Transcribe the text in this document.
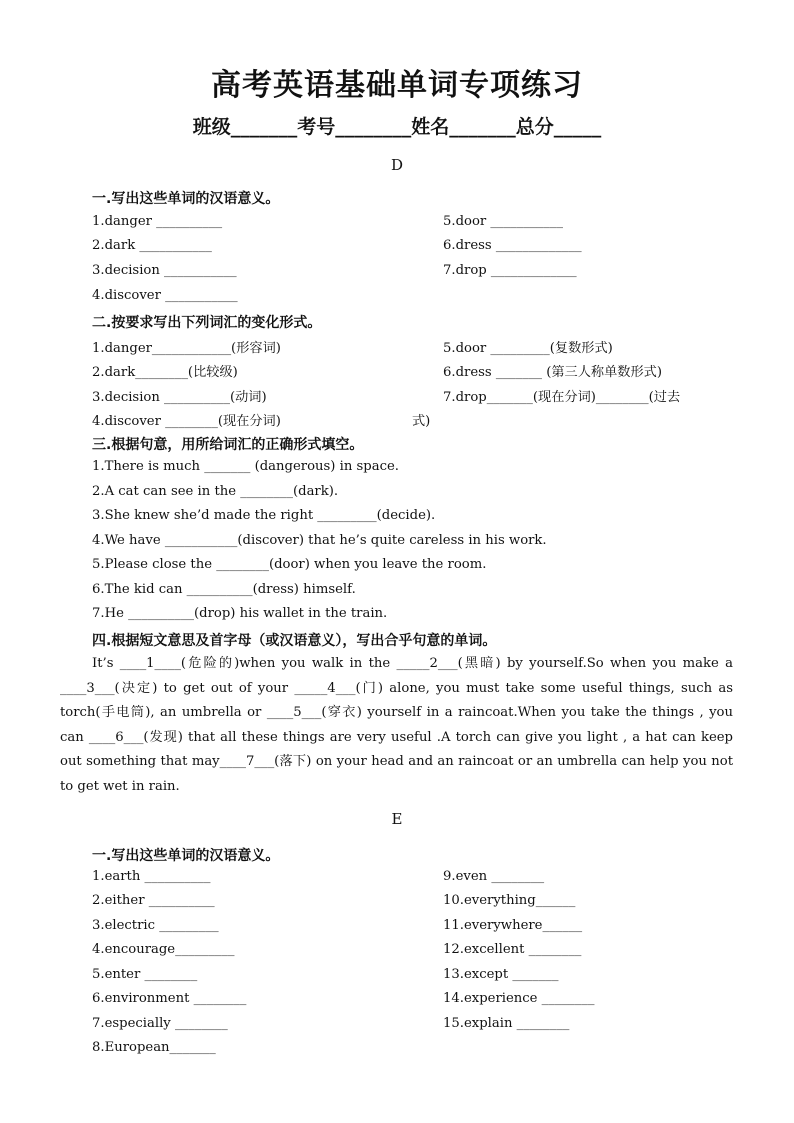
高考英语基础单词专项练习
班级_______考号________姓名_______总分_____
D
一.写出这些单词的汉语意义。
1.danger __________
2.dark ___________
3.decision ___________
4.discover ___________
5.door ___________
6.dress _____________
7.drop _____________
二.按要求写出下列词汇的变化形式。
1.danger____________(形容词)
2.dark________(比较级)
3.decision __________(动词)
4.discover ________(现在分词)
5.door _________(复数形式)
6.dress _______ (第三人称单数形式)
7.drop_______(现在分词)________(过去
式)
三.根据句意，用所给词汇的正确形式填空。
1.There is much _______ (dangerous) in space.
2.A cat can see in the ________(dark).
3.She knew she’d made the right _________(decide).
4.We have ___________(discover) that he’s quite careless in his work.
5.Please close the ________(door) when you leave the room.
6.The kid can __________(dress) himself.
7.He __________(drop) his wallet in the train.
四.根据短文意思及首字母（或汉语意义），写出合乎句意的单词。
It’s ____1____(危险的)when you walk in the _____2___(黑暗) by yourself.So when you make a ____3___(决定) to get out of your _____4___(门) alone, you must take some useful things, such as torch(手电筒), an umbrella or ____5___(穿衣) yourself in a raincoat.When you take the things , you can ____6___(发现) that all these things are very useful .A torch can give you light , a hat can keep out something that may____7___(落下) on your head and an raincoat or an umbrella can help you not to get wet in rain.
E
一.写出这些单词的汉语意义。
1.earth __________
2.either __________
3.electric _________
4.encourage_________
5.enter ________
6.environment ________
7.especially ________
8.European_______
9.even ________
10.everything______
11.everywhere______
12.excellent ________
13.except _______
14.experience ________
15.explain ________
